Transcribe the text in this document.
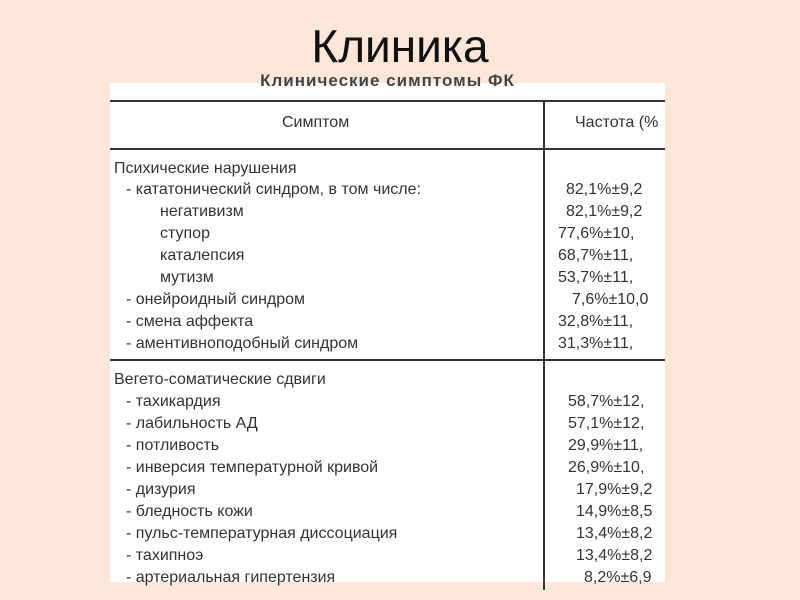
Клиника
Клинические симптомы ФК
Симптом	Частота (%
Психические нарушения
- кататонический синдром, в том числе:	82,1%±9,2
негативизм	82,1%±9,2
ступор	77,6%±10,
каталепсия	68,7%±11,
мутизм	53,7%±11,
- онейроидный синдром	7,6%±10,0
- смена аффекта	32,8%±11,
- аментивноподобный синдром	31,3%±11,
Вегето-соматические сдвиги
- тахикардия	58,7%±12,
- лабильность АД	57,1%±12,
- потливость	29,9%±11,
- инверсия температурной кривой	26,9%±10,
- дизурия	17,9%±9,2
- бледность кожи	14,9%±8,5
- пульс-температурная диссоциация	13,4%±8,2
- тахипноэ	13,4%±8,2
- артериальная гипертензия	8,2%±6,9
